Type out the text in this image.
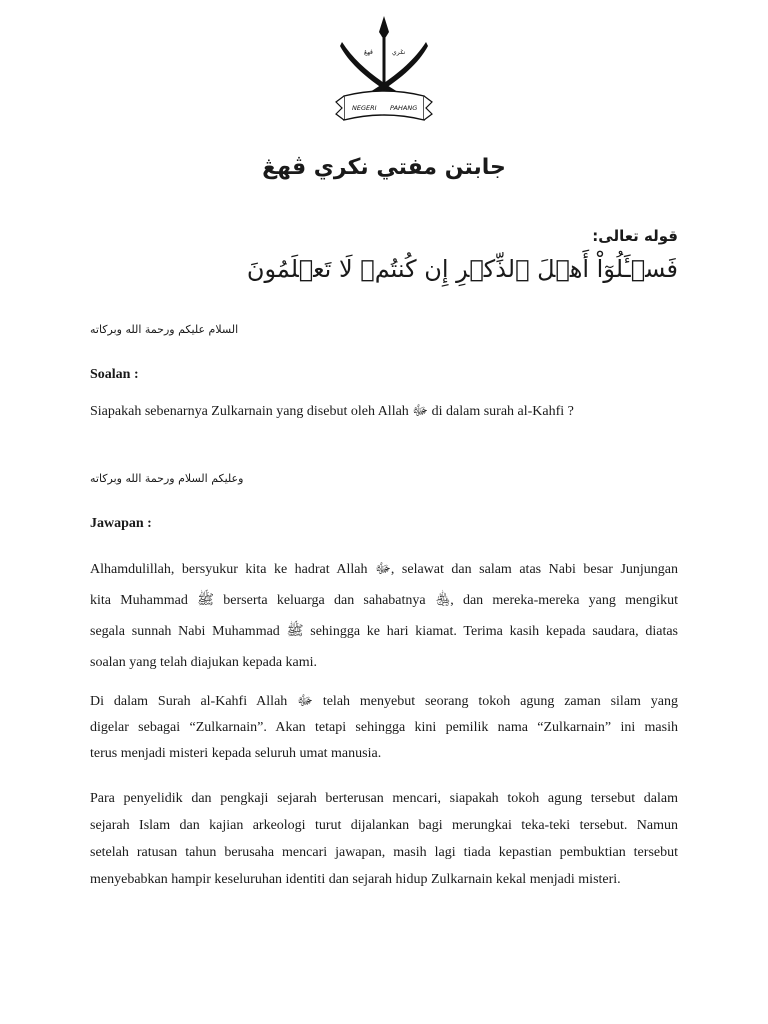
ڤهڠ	نݢري
NEGERI PAHANG
جابتن مفتي نکري ڤهڠ
قوله تعالى:
فَسۡـَٔلُوٓاْ أَهۡلَ ٱلذِّكۡرِ إِن كُنتُمۡ لَا تَعۡلَمُونَ
السلام عليكم ورحمة الله وبركاته
Soalan :
Siapakah sebenarnya Zulkarnain yang disebut oleh Allah ﷻ di dalam surah al-Kahfi ?
وعليكم السلام ورحمة الله وبركاته
Jawapan :
Alhamdulillah, bersyukur kita ke hadrat Allah ﷻ, selawat dan salam atas Nabi besar Junjungan
kita Muhammad ﷺ berserta keluarga dan sahabatnya ﵃, dan mereka-mereka yang mengikut
segala sunnah Nabi Muhammad ﷺ sehingga ke hari kiamat. Terima kasih kepada saudara, diatas
soalan yang telah diajukan kepada kami.
Di dalam Surah al-Kahfi Allah ﷻ telah menyebut seorang tokoh agung zaman silam yang
digelar sebagai “Zulkarnain”. Akan tetapi sehingga kini pemilik nama “Zulkarnain” ini masih
terus menjadi misteri kepada seluruh umat manusia.
Para penyelidik dan pengkaji sejarah berterusan mencari, siapakah tokoh agung tersebut dalam
sejarah Islam dan kajian arkeologi turut dijalankan bagi merungkai teka-teki tersebut. Namun
setelah ratusan tahun berusaha mencari jawapan, masih lagi tiada kepastian pembuktian tersebut
menyebabkan hampir keseluruhan identiti dan sejarah hidup Zulkarnain kekal menjadi misteri.
